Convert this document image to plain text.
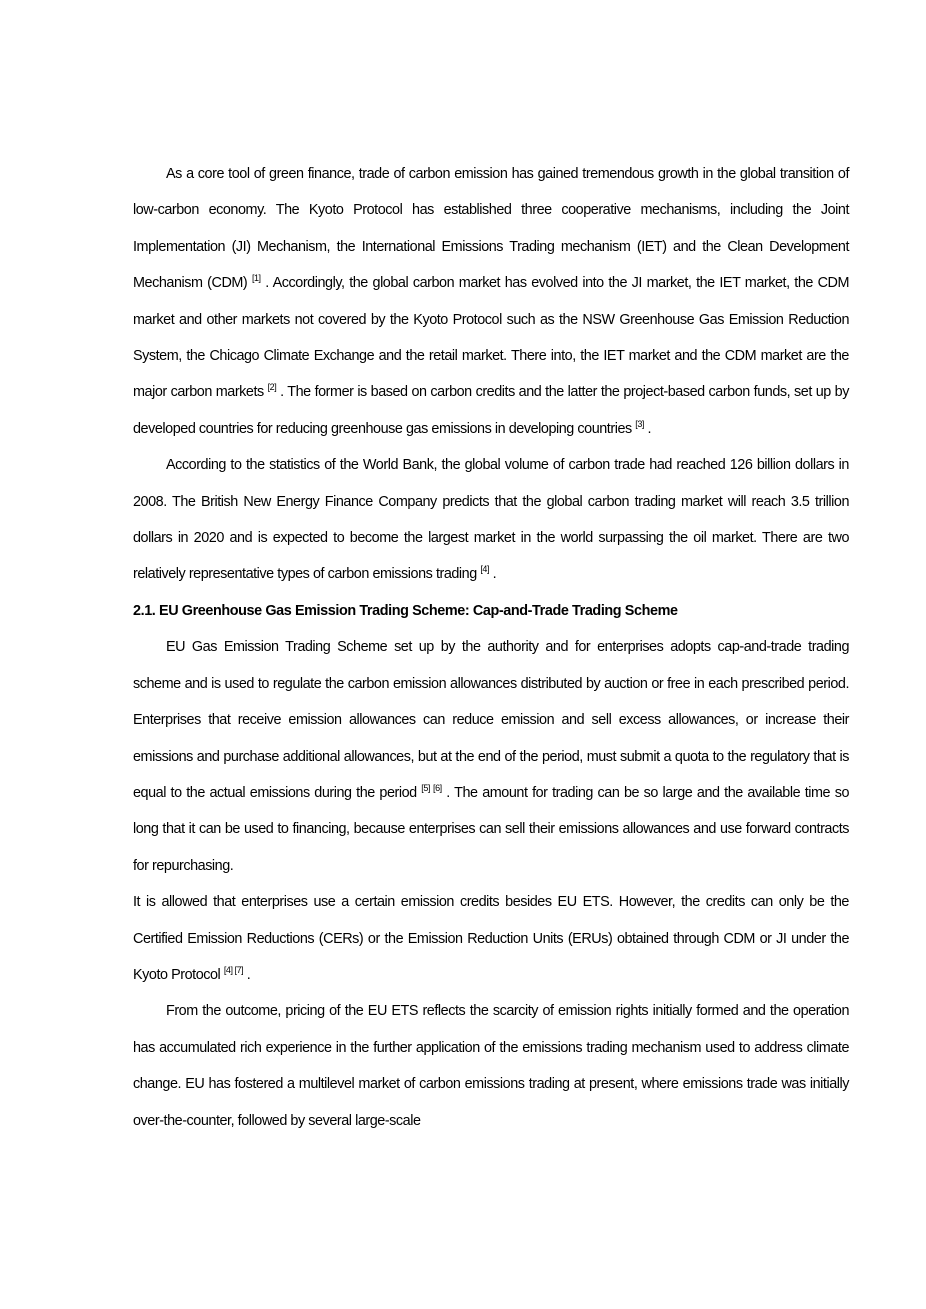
As a core tool of green finance, trade of carbon emission has gained tremendous growth in the global transition of low-carbon economy. The Kyoto Protocol has established three cooperative mechanisms, including the Joint Implementation (JI) Mechanism, the International Emissions Trading mechanism (IET) and the Clean Development Mechanism (CDM) [1] . Accordingly, the global carbon market has evolved into the JI market, the IET market, the CDM market and other markets not covered by the Kyoto Protocol such as the NSW Greenhouse Gas Emission Reduction System, the Chicago Climate Exchange and the retail market. There into, the IET market and the CDM market are the major carbon markets [2] . The former is based on carbon credits and the latter the project-based carbon funds, set up by developed countries for reducing greenhouse gas emissions in developing countries [3] .

According to the statistics of the World Bank, the global volume of carbon trade had reached 126 billion dollars in 2008. The British New Energy Finance Company predicts that the global carbon trading market will reach 3.5 trillion dollars in 2020 and is expected to become the largest market in the world surpassing the oil market. There are two relatively representative types of carbon emissions trading [4] .

2.1. EU Greenhouse Gas Emission Trading Scheme: Cap-and-Trade Trading Scheme

EU Gas Emission Trading Scheme set up by the authority and for enterprises adopts cap-and-trade trading scheme and is used to regulate the carbon emission allowances distributed by auction or free in each prescribed period. Enterprises that receive emission allowances can reduce emission and sell excess allowances, or increase their emissions and purchase additional allowances, but at the end of the period, must submit a quota to the regulatory that is equal to the actual emissions during the period [5] [6] . The amount for trading can be so large and the available time so long that it can be used to financing, because enterprises can sell their emissions allowances and use forward contracts for repurchasing.

It is allowed that enterprises use a certain emission credits besides EU ETS. However, the credits can only be the Certified Emission Reductions (CERs) or the Emission Reduction Units (ERUs) obtained through CDM or JI under the Kyoto Protocol [4] [7] .

From the outcome, pricing of the EU ETS reflects the scarcity of emission rights initially formed and the operation has accumulated rich experience in the further application of the emissions trading mechanism used to address climate change. EU has fostered a multilevel market of carbon emissions trading at present, where emissions trade was initially over-the-counter, followed by several large-scale
